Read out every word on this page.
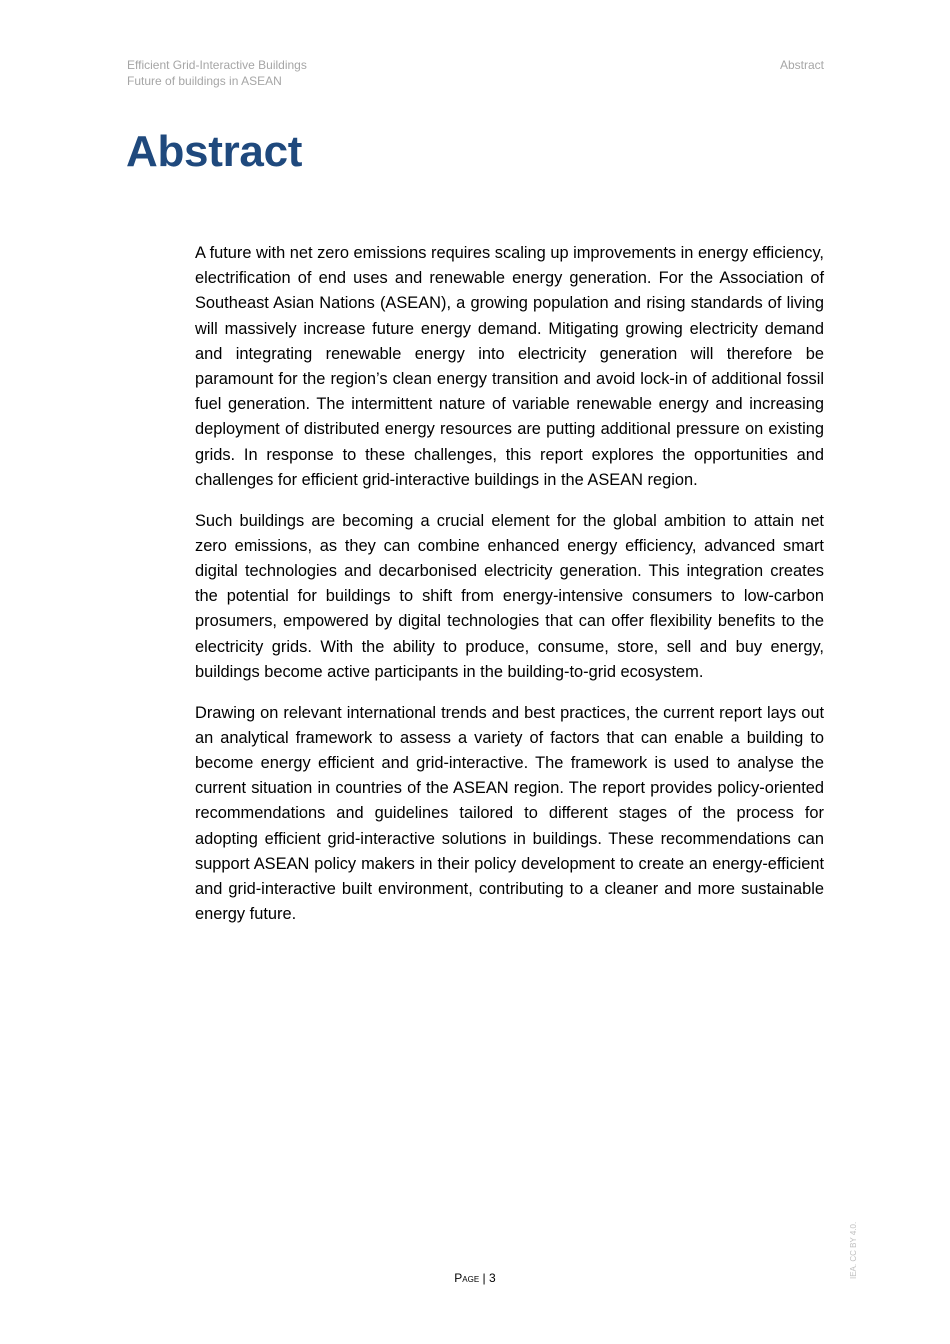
Efficient Grid-Interactive Buildings
Future of buildings in ASEAN
Abstract
Abstract

A future with net zero emissions requires scaling up improvements in energy efficiency, electrification of end uses and renewable energy generation. For the Association of Southeast Asian Nations (ASEAN), a growing population and rising standards of living will massively increase future energy demand. Mitigating growing electricity demand and integrating renewable energy into electricity generation will therefore be paramount for the region’s clean energy transition and avoid lock-in of additional fossil fuel generation. The intermittent nature of variable renewable energy and increasing deployment of distributed energy resources are putting additional pressure on existing grids. In response to these challenges, this report explores the opportunities and challenges for efficient grid-interactive buildings in the ASEAN region.

Such buildings are becoming a crucial element for the global ambition to attain net zero emissions, as they can combine enhanced energy efficiency, advanced smart digital technologies and decarbonised electricity generation. This integration creates the potential for buildings to shift from energy-intensive consumers to low-carbon prosumers, empowered by digital technologies that can offer flexibility benefits to the electricity grids. With the ability to produce, consume, store, sell and buy energy, buildings become active participants in the building-to-grid ecosystem.

Drawing on relevant international trends and best practices, the current report lays out an analytical framework to assess a variety of factors that can enable a building to become energy efficient and grid-interactive. The framework is used to analyse the current situation in countries of the ASEAN region. The report provides policy-oriented recommendations and guidelines tailored to different stages of the process for adopting efficient grid-interactive solutions in buildings. These recommendations can support ASEAN policy makers in their policy development to create an energy-efficient and grid-interactive built environment, contributing to a cleaner and more sustainable energy future.

Page | 3	IEA. CC BY 4.0.
